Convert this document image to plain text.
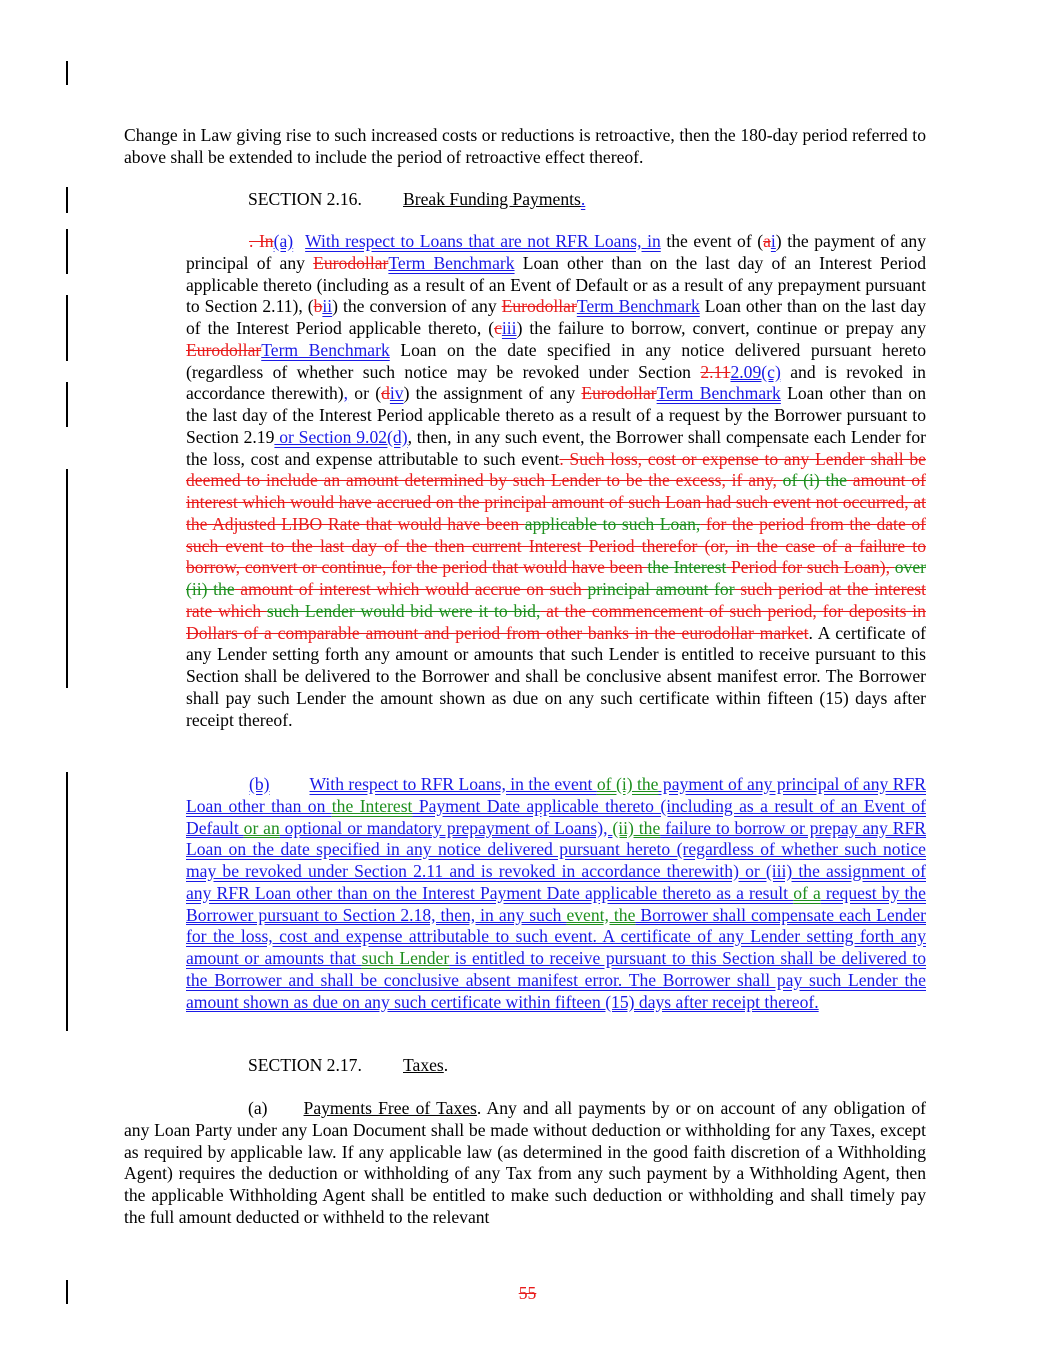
Change in Law giving rise to such increased costs or reductions is retroactive, then the 180-day period referred to above shall be extended to include the period of retroactive effect thereof.

SECTION 2.16. Break Funding Payments.

. In(a) With respect to Loans that are not RFR Loans, in the event of (ai) the payment of any principal of any EurodollarTerm Benchmark Loan other than on the last day of an Interest Period applicable thereto (including as a result of an Event of Default or as a result of any prepayment pursuant to Section 2.11), (bii) the conversion of any EurodollarTerm Benchmark Loan other than on the last day of the Interest Period applicable thereto, (ciii) the failure to borrow, convert, continue or prepay any EurodollarTerm Benchmark Loan on the date specified in any notice delivered pursuant hereto (regardless of whether such notice may be revoked under Section 2.112.09(c) and is revoked in accordance therewith), or (div) the assignment of any EurodollarTerm Benchmark Loan other than on the last day of the Interest Period applicable thereto as a result of a request by the Borrower pursuant to Section 2.19 or Section 9.02(d), then, in any such event, the Borrower shall compensate each Lender for the loss, cost and expense attributable to such event. Such loss, cost or expense to any Lender shall be deemed to include an amount determined by such Lender to be the excess, if any, of (i) the amount of interest which would have accrued on the principal amount of such Loan had such event not occurred, at the Adjusted LIBO Rate that would have been applicable to such Loan, for the period from the date of such event to the last day of the then current Interest Period therefor (or, in the case of a failure to borrow, convert or continue, for the period that would have been the Interest Period for such Loan), over (ii) the amount of interest which would accrue on such principal amount for such period at the interest rate which such Lender would bid were it to bid, at the commencement of such period, for deposits in Dollars of a comparable amount and period from other banks in the eurodollar market. A certificate of any Lender setting forth any amount or amounts that such Lender is entitled to receive pursuant to this Section shall be delivered to the Borrower and shall be conclusive absent manifest error. The Borrower shall pay such Lender the amount shown as due on any such certificate within fifteen (15) days after receipt thereof.

(b) With respect to RFR Loans, in the event of (i) the payment of any principal of any RFR Loan other than on the Interest Payment Date applicable thereto (including as a result of an Event of Default or an optional or mandatory prepayment of Loans), (ii) the failure to borrow or prepay any RFR Loan on the date specified in any notice delivered pursuant hereto (regardless of whether such notice may be revoked under Section 2.11 and is revoked in accordance therewith) or (iii) the assignment of any RFR Loan other than on the Interest Payment Date applicable thereto as a result of a request by the Borrower pursuant to Section 2.18, then, in any such event, the Borrower shall compensate each Lender for the loss, cost and expense attributable to such event. A certificate of any Lender setting forth any amount or amounts that such Lender is entitled to receive pursuant to this Section shall be delivered to the Borrower and shall be conclusive absent manifest error. The Borrower shall pay such Lender the amount shown as due on any such certificate within fifteen (15) days after receipt thereof.

SECTION 2.17. Taxes.

(a) Payments Free of Taxes. Any and all payments by or on account of any obligation of any Loan Party under any Loan Document shall be made without deduction or withholding for any Taxes, except as required by applicable law. If any applicable law (as determined in the good faith discretion of a Withholding Agent) requires the deduction or withholding of any Tax from any such payment by a Withholding Agent, then the applicable Withholding Agent shall be entitled to make such deduction or withholding and shall timely pay the full amount deducted or withheld to the relevant

55
